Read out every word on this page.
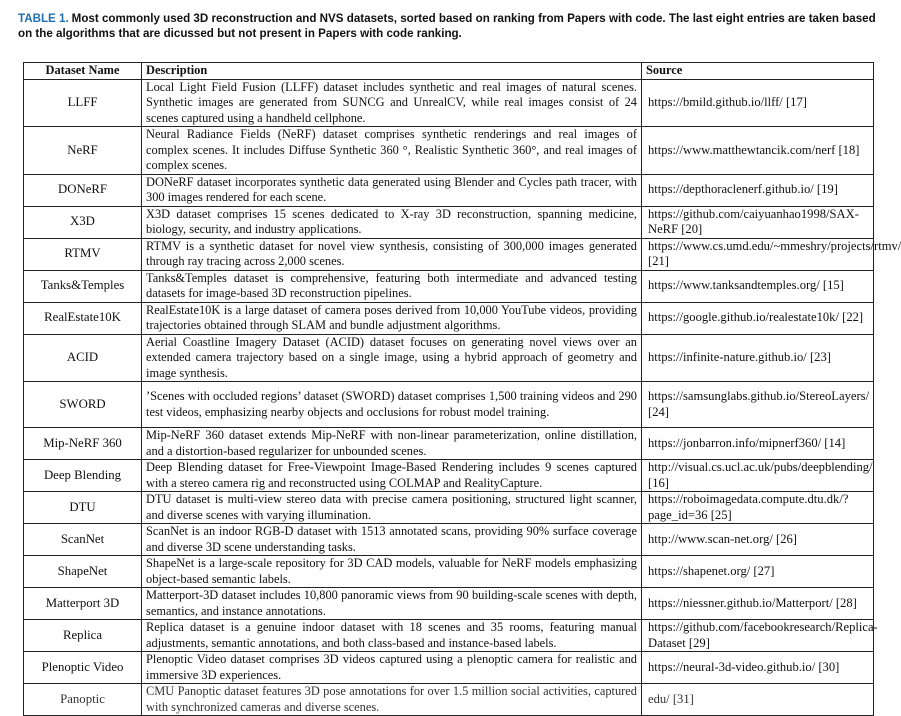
TABLE 1. Most commonly used 3D reconstruction and NVS datasets, sorted based on ranking from Papers with code. The last eight entries are taken based on the algorithms that are dicussed but not present in Papers with code ranking.
Dataset Name	Description	Source
LLFF	Local Light Field Fusion (LLFF) dataset includes synthetic and real images of natural scenes. Synthetic images are generated from SUNCG and UnrealCV, while real images consist of 24 scenes captured using a handheld cellphone.	https://bmild.github.io/llff/ [17]
NeRF	Neural Radiance Fields (NeRF) dataset comprises synthetic renderings and real images of complex scenes. It includes Diffuse Synthetic 360 °, Realistic Synthetic 360°, and real images of complex scenes.	https://www.matthewtancik.com/nerf [18]
DONeRF	DONeRF dataset incorporates synthetic data generated using Blender and Cycles path tracer, with 300 images rendered for each scene.	https://depthoraclenerf.github.io/ [19]
X3D	X3D dataset comprises 15 scenes dedicated to X-ray 3D reconstruction, spanning medicine, biology, security, and industry applications.	https://github.com/caiyuanhao1998/SAX-NeRF [20]
RTMV	RTMV is a synthetic dataset for novel view synthesis, consisting of 300,000 images generated through ray tracing across 2,000 scenes.	https://www.cs.umd.edu/~mmeshry/projects/rtmv/ [21]
Tanks&Temples	Tanks&Temples dataset is comprehensive, featuring both intermediate and advanced testing datasets for image-based 3D reconstruction pipelines.	https://www.tanksandtemples.org/ [15]
RealEstate10K	RealEstate10K is a large dataset of camera poses derived from 10,000 YouTube videos, providing trajectories obtained through SLAM and bundle adjustment algorithms.	https://google.github.io/realestate10k/ [22]
ACID	Aerial Coastline Imagery Dataset (ACID) dataset focuses on generating novel views over an extended camera trajectory based on a single image, using a hybrid approach of geometry and image synthesis.	https://infinite-nature.github.io/ [23]
SWORD	’Scenes with occluded regions’ dataset (SWORD) dataset comprises 1,500 training videos and 290 test videos, emphasizing nearby objects and occlusions for robust model training.	https://samsunglabs.github.io/StereoLayers/ [24]
Mip-NeRF 360	Mip-NeRF 360 dataset extends Mip-NeRF with non-linear parameterization, online distillation, and a distortion-based regularizer for unbounded scenes.	https://jonbarron.info/mipnerf360/ [14]
Deep Blending	Deep Blending dataset for Free-Viewpoint Image-Based Rendering includes 9 scenes captured with a stereo camera rig and reconstructed using COLMAP and RealityCapture.	http://visual.cs.ucl.ac.uk/pubs/deepblending/ [16]
DTU	DTU dataset is multi-view stereo data with precise camera positioning, structured light scanner, and diverse scenes with varying illumination.	https://roboimagedata.compute.dtu.dk/?page_id=36 [25]
ScanNet	ScanNet is an indoor RGB-D dataset with 1513 annotated scans, providing 90% surface coverage and diverse 3D scene understanding tasks.	http://www.scan-net.org/ [26]
ShapeNet	ShapeNet is a large-scale repository for 3D CAD models, valuable for NeRF models emphasizing object-based semantic labels.	https://shapenet.org/ [27]
Matterport 3D	Matterport-3D dataset includes 10,800 panoramic views from 90 building-scale scenes with depth, semantics, and instance annotations.	https://niessner.github.io/Matterport/ [28]
Replica	Replica dataset is a genuine indoor dataset with 18 scenes and 35 rooms, featuring manual adjustments, semantic annotations, and both class-based and instance-based labels.	https://github.com/facebookresearch/Replica-Dataset [29]
Plenoptic Video	Plenoptic Video dataset comprises 3D videos captured using a plenoptic camera for realistic and immersive 3D experiences.	https://neural-3d-video.github.io/ [30]
Panoptic	CMU Panoptic dataset features 3D pose annotations for over 1.5 million social activities, captured with synchronized cameras and diverse scenes.	edu/ [31]
